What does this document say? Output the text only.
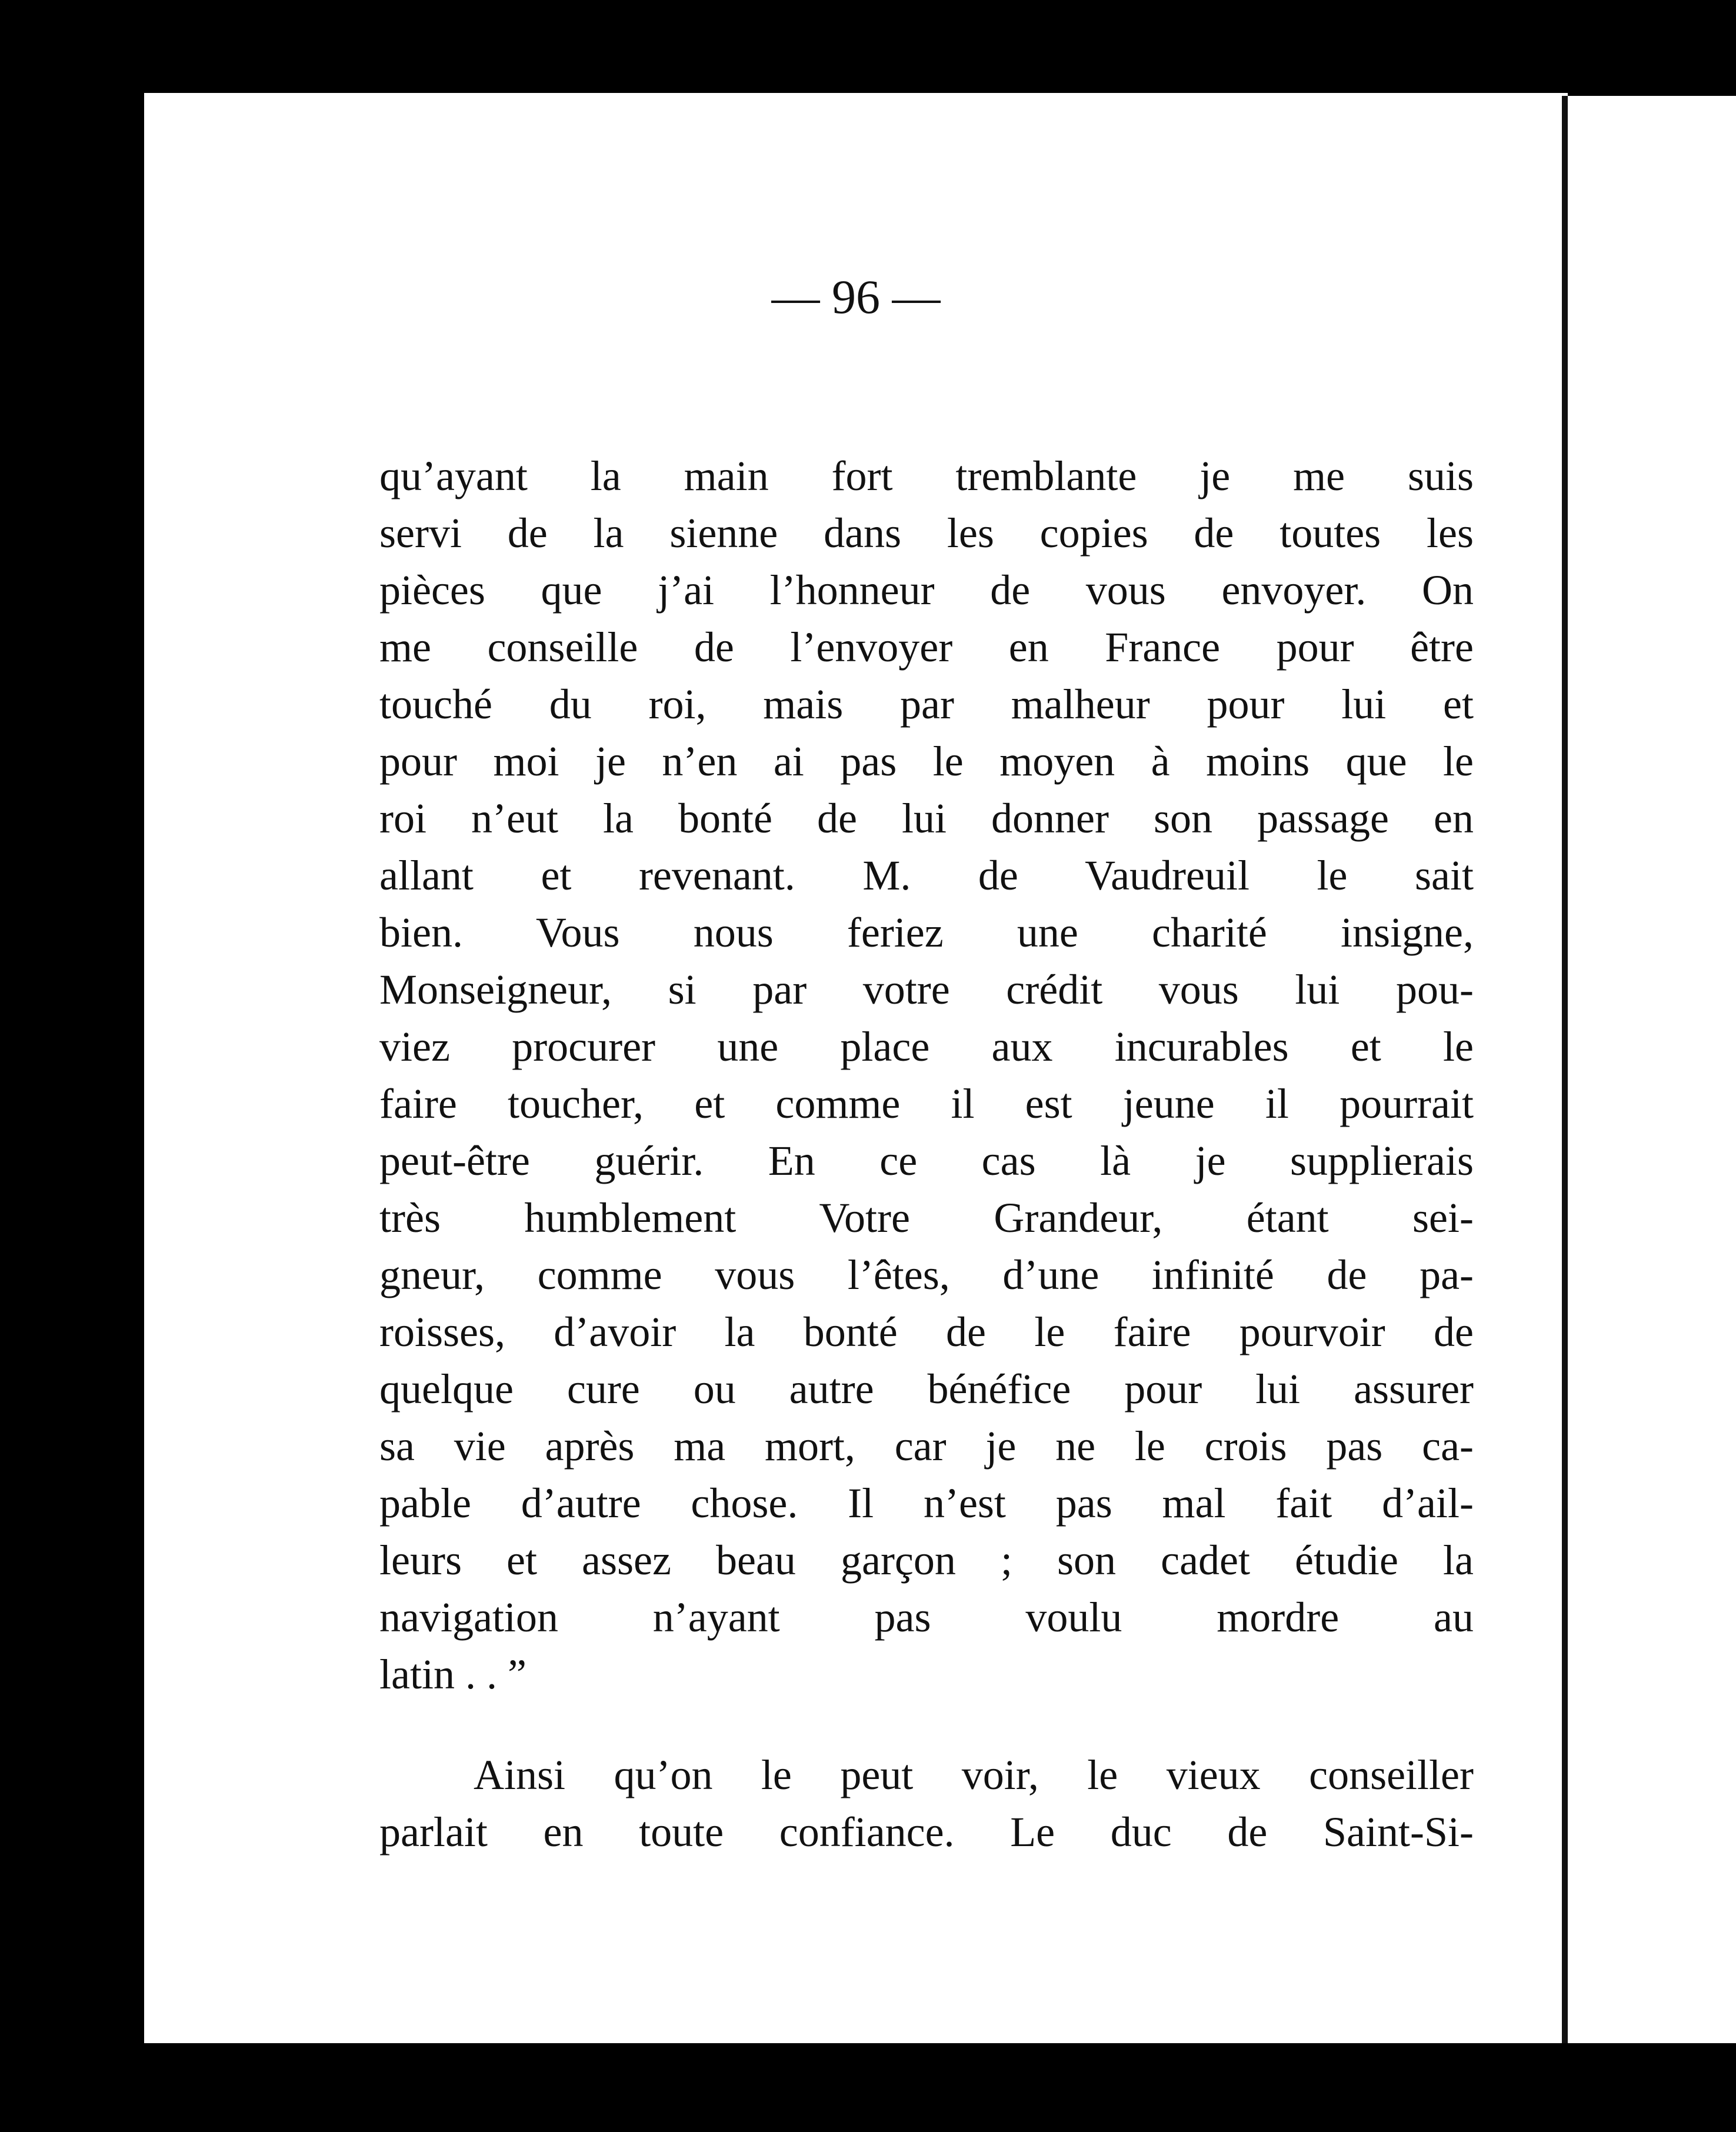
— 96 —
qu’ayant la main fort tremblante je me suis
servi de la sienne dans les copies de toutes les
pièces que j’ai l’honneur de vous envoyer. On
me conseille de l’envoyer en France pour être
touché du roi, mais par malheur pour lui et
pour moi je n’en ai pas le moyen à moins que le
roi n’eut la bonté de lui donner son passage en
allant et revenant. M. de Vaudreuil le sait
bien. Vous nous feriez une charité insigne,
Monseigneur, si par votre crédit vous lui pou-
viez procurer une place aux incurables et le
faire toucher, et comme il est jeune il pourrait
peut-être guérir. En ce cas là je supplierais
très humblement Votre Grandeur, étant sei-
gneur, comme vous l’êtes, d’une infinité de pa-
roisses, d’avoir la bonté de le faire pourvoir de
quelque cure ou autre bénéfice pour lui assurer
sa vie après ma mort, car je ne le crois pas ca-
pable d’autre chose. Il n’est pas mal fait d’ail-
leurs et assez beau garçon ; son cadet étudie la
navigation n’ayant pas voulu mordre au
latin . . ”
Ainsi qu’on le peut voir, le vieux conseiller
parlait en toute confiance. Le duc de Saint-Si-
